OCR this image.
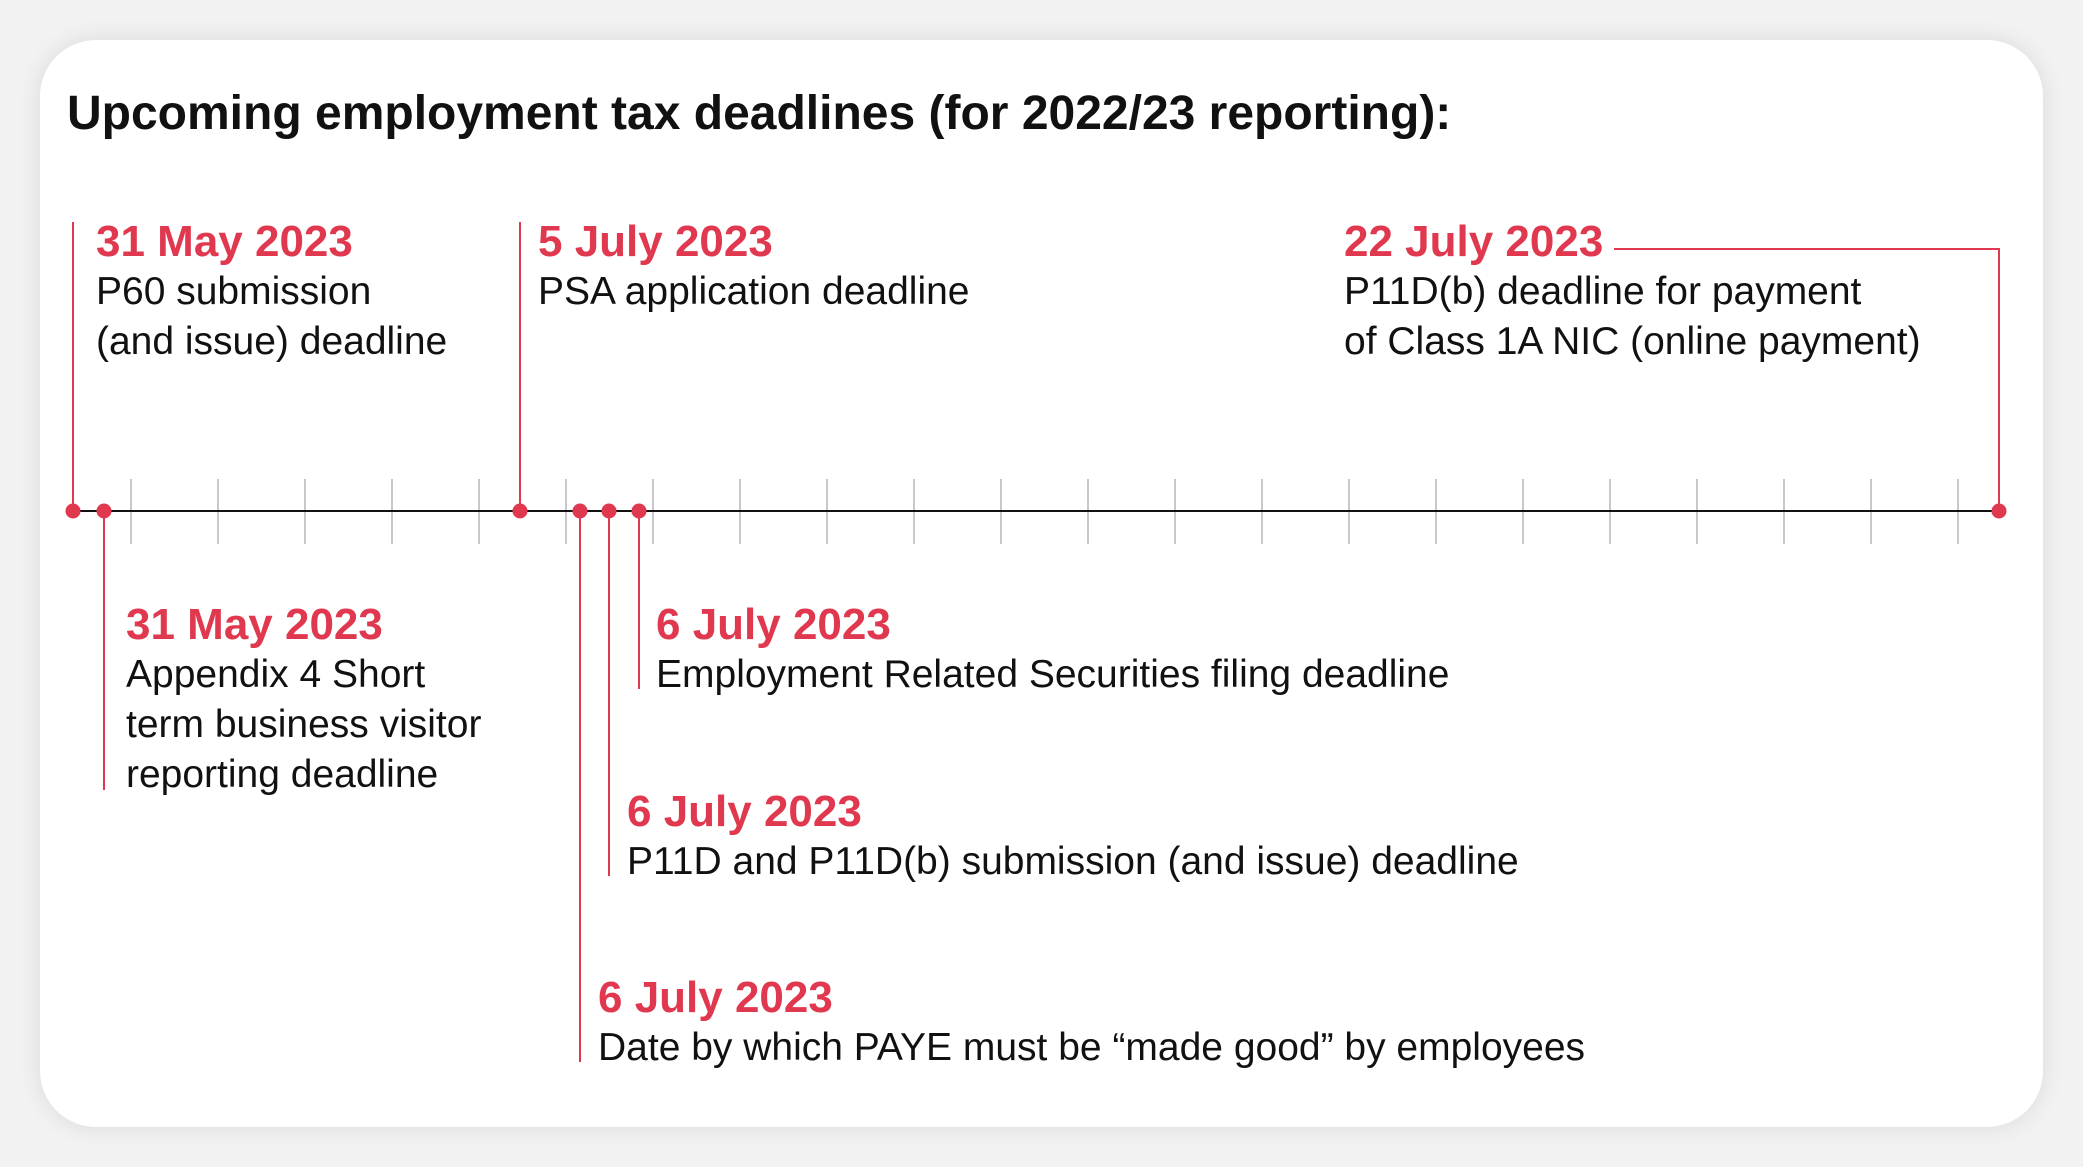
Upcoming employment tax deadlines (for 2022/23 reporting):
31 May 2023
P60 submission
(and issue) deadline
5 July 2023
PSA application deadline
22 July 2023
P11D(b) deadline for payment
of Class 1A NIC (online payment)
31 May 2023
Appendix 4 Short
term business visitor
reporting deadline
6 July 2023
Employment Related Securities filing deadline
6 July 2023
P11D and P11D(b) submission (and issue) deadline
6 July 2023
Date by which PAYE must be “made good” by employees
